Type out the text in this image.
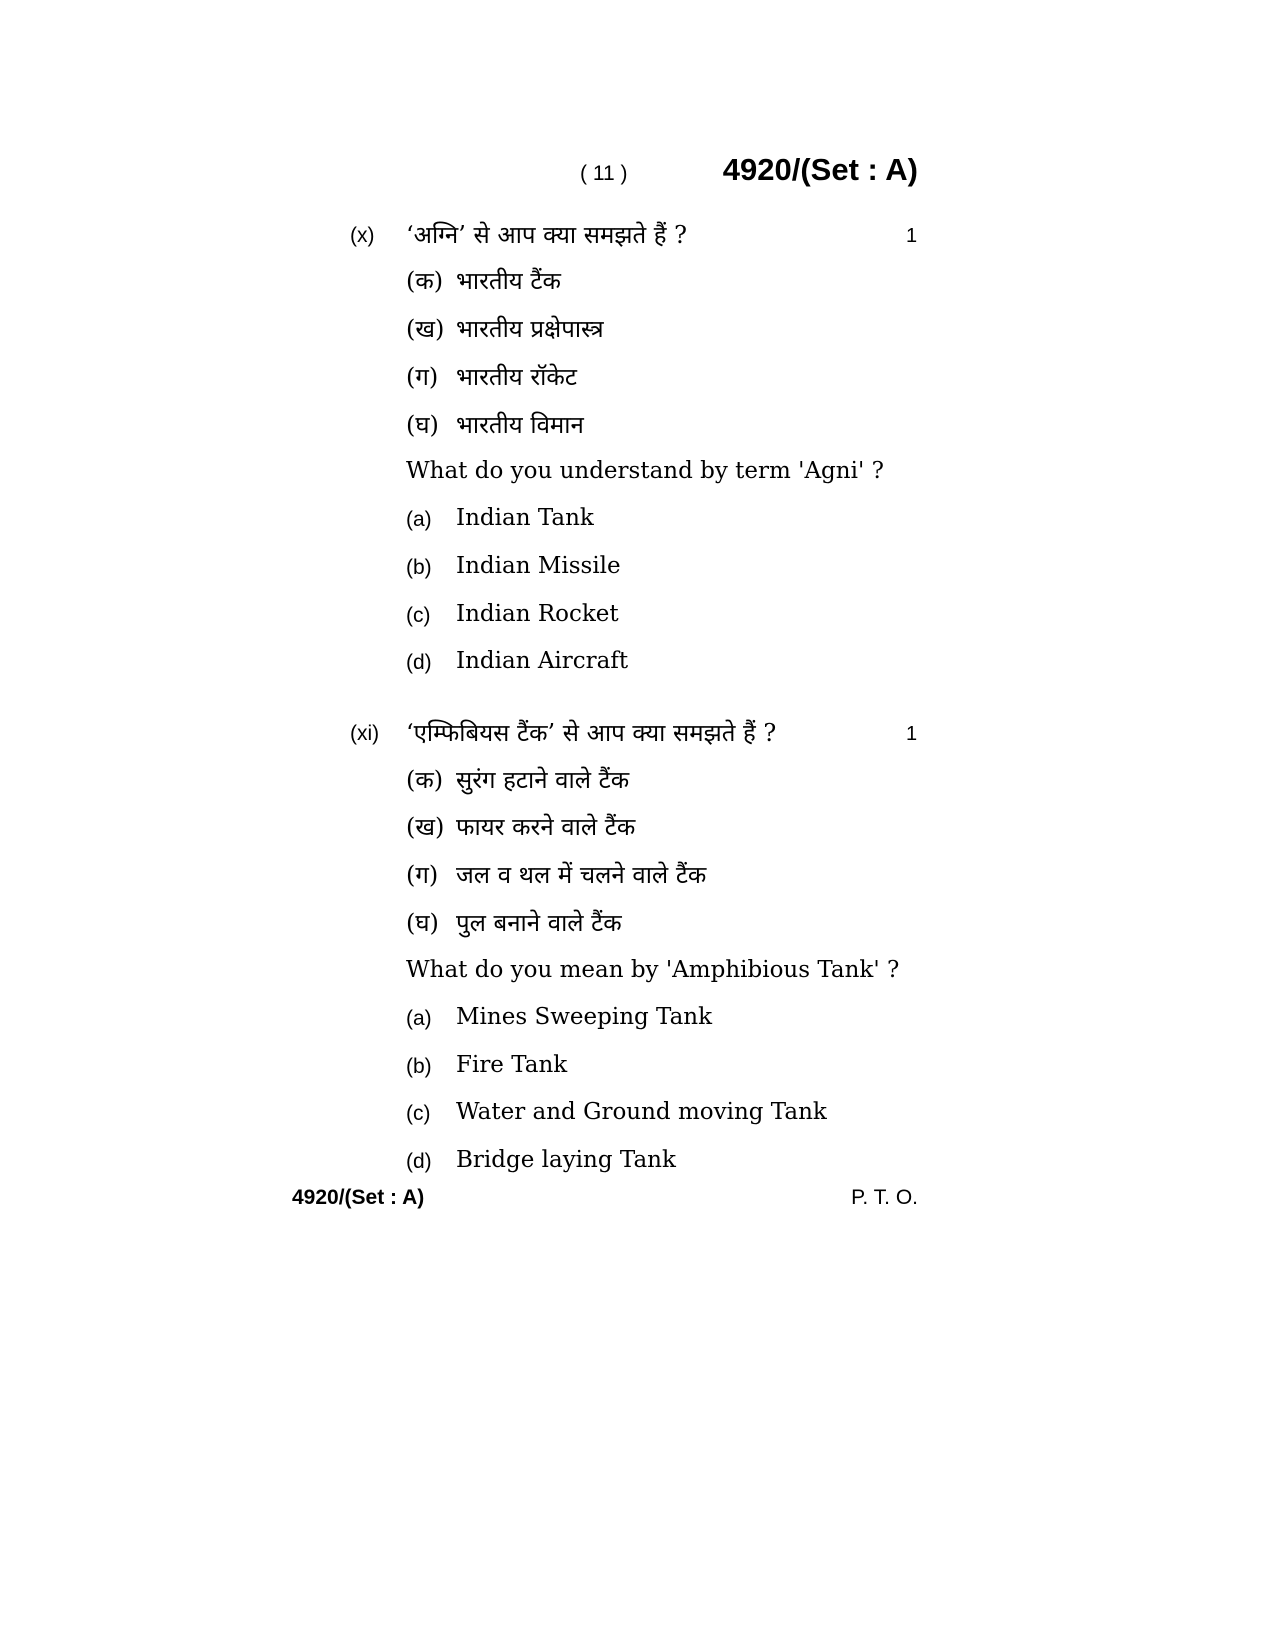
( 11 )	4920/(Set : A)
(x) ‘अग्नि’ से आप क्या समझते हैं ?	1
(क) भारतीय टैंक
(ख) भारतीय प्रक्षेपास्त्र
(ग) भारतीय रॉकेट
(घ) भारतीय विमान
What do you understand by term 'Agni' ?
(a) Indian Tank
(b) Indian Missile
(c) Indian Rocket
(d) Indian Aircraft
(xi) ‘एम्फिबियस टैंक’ से आप क्या समझते हैं ?	1
(क) सुरंग हटाने वाले टैंक
(ख) फायर करने वाले टैंक
(ग) जल व थल में चलने वाले टैंक
(घ) पुल बनाने वाले टैंक
What do you mean by 'Amphibious Tank' ?
(a) Mines Sweeping Tank
(b) Fire Tank
(c) Water and Ground moving Tank
(d) Bridge laying Tank
4920/(Set : A)	P. T. O.
